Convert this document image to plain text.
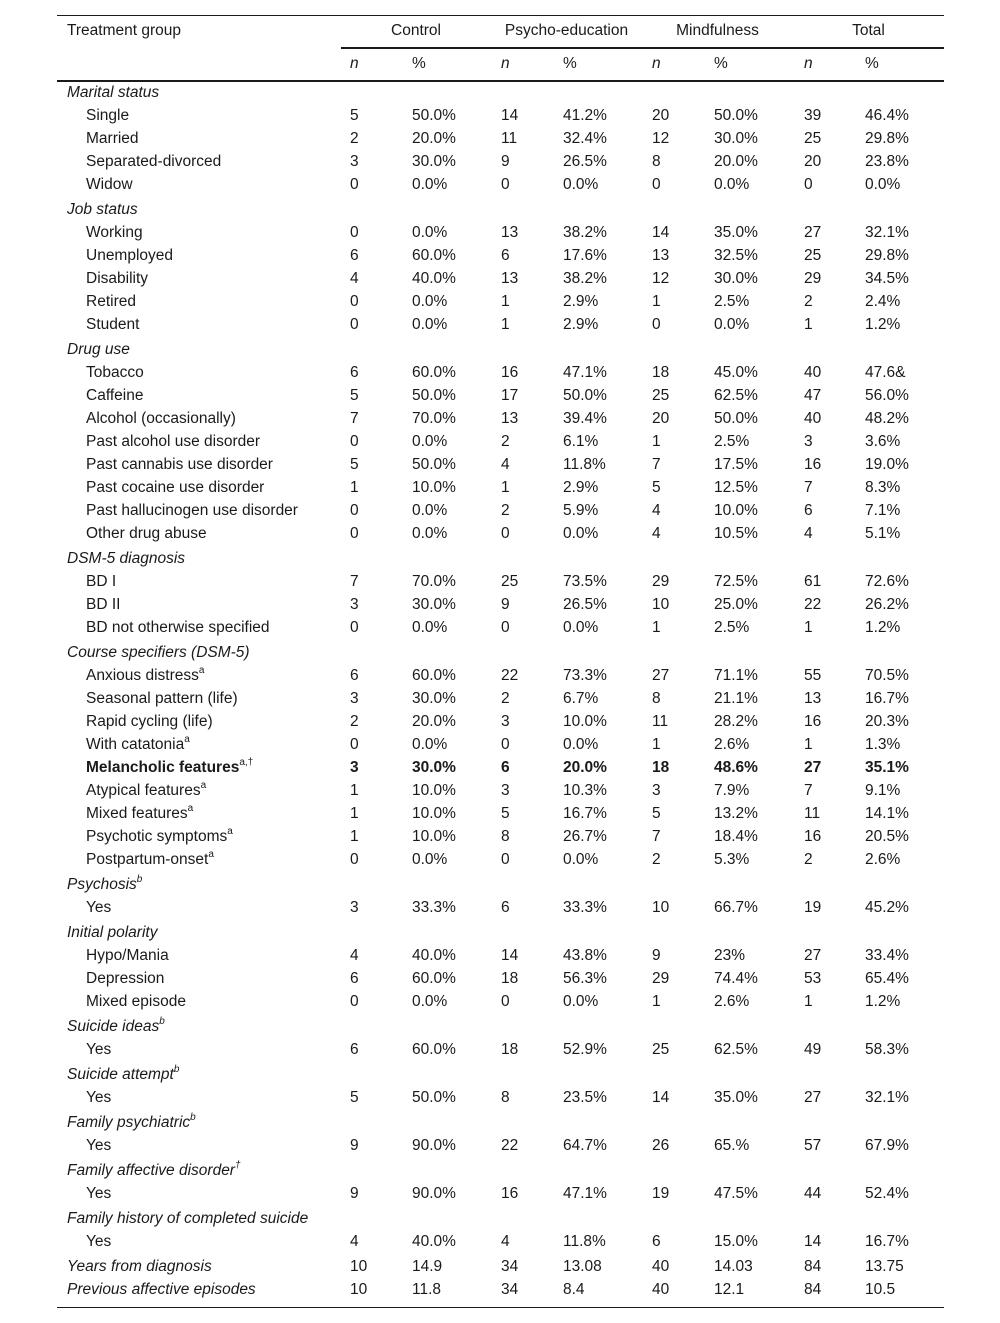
Treatment group	Control	Psycho-education	Mindfulness	Total
n	%	n	%	n	%	n	%
Marital status
Single	5	50.0%	14	41.2%	20	50.0%	39	46.4%
Married	2	20.0%	11	32.4%	12	30.0%	25	29.8%
Separated-divorced	3	30.0%	9	26.5%	8	20.0%	20	23.8%
Widow	0	0.0%	0	0.0%	0	0.0%	0	0.0%
Job status
Working	0	0.0%	13	38.2%	14	35.0%	27	32.1%
Unemployed	6	60.0%	6	17.6%	13	32.5%	25	29.8%
Disability	4	40.0%	13	38.2%	12	30.0%	29	34.5%
Retired	0	0.0%	1	2.9%	1	2.5%	2	2.4%
Student	0	0.0%	1	2.9%	0	0.0%	1	1.2%
Drug use
Tobacco	6	60.0%	16	47.1%	18	45.0%	40	47.6&
Caffeine	5	50.0%	17	50.0%	25	62.5%	47	56.0%
Alcohol (occasionally)	7	70.0%	13	39.4%	20	50.0%	40	48.2%
Past alcohol use disorder	0	0.0%	2	6.1%	1	2.5%	3	3.6%
Past cannabis use disorder	5	50.0%	4	11.8%	7	17.5%	16	19.0%
Past cocaine use disorder	1	10.0%	1	2.9%	5	12.5%	7	8.3%
Past hallucinogen use disorder	0	0.0%	2	5.9%	4	10.0%	6	7.1%
Other drug abuse	0	0.0%	0	0.0%	4	10.5%	4	5.1%
DSM-5 diagnosis
BD I	7	70.0%	25	73.5%	29	72.5%	61	72.6%
BD II	3	30.0%	9	26.5%	10	25.0%	22	26.2%
BD not otherwise specified	0	0.0%	0	0.0%	1	2.5%	1	1.2%
Course specifiers (DSM-5)
Anxious distress$^a$	6	60.0%	22	73.3%	27	71.1%	55	70.5%
Seasonal pattern (life)	3	30.0%	2	6.7%	8	21.1%	13	16.7%
Rapid cycling (life)	2	20.0%	3	10.0%	11	28.2%	16	20.3%
With catatonia$^a$	0	0.0%	0	0.0%	1	2.6%	1	1.3%
Melancholic features$^{a,\dagger}$	3	30.0%	6	20.0%	18	48.6%	27	35.1%
Atypical features$^a$	1	10.0%	3	10.3%	3	7.9%	7	9.1%
Mixed features$^a$	1	10.0%	5	16.7%	5	13.2%	11	14.1%
Psychotic symptoms$^a$	1	10.0%	8	26.7%	7	18.4%	16	20.5%
Postpartum-onset$^a$	0	0.0%	0	0.0%	2	5.3%	2	2.6%
Psychosis$^b$
Yes	3	33.3%	6	33.3%	10	66.7%	19	45.2%
Initial polarity
Hypo/Mania	4	40.0%	14	43.8%	9	23%	27	33.4%
Depression	6	60.0%	18	56.3%	29	74.4%	53	65.4%
Mixed episode	0	0.0%	0	0.0%	1	2.6%	1	1.2%
Suicide ideas$^b$
Yes	6	60.0%	18	52.9%	25	62.5%	49	58.3%
Suicide attempt$^b$
Yes	5	50.0%	8	23.5%	14	35.0%	27	32.1%
Family psychiatric$^b$
Yes	9	90.0%	22	64.7%	26	65.%	57	67.9%
Family affective disorder†
Yes	9	90.0%	16	47.1%	19	47.5%	44	52.4%
Family history of completed suicide
Yes	4	40.0%	4	11.8%	6	15.0%	14	16.7%
Years from diagnosis	10	14.9	34	13.08	40	14.03	84	13.75
Previous affective episodes	10	11.8	34	8.4	40	12.1	84	10.5
